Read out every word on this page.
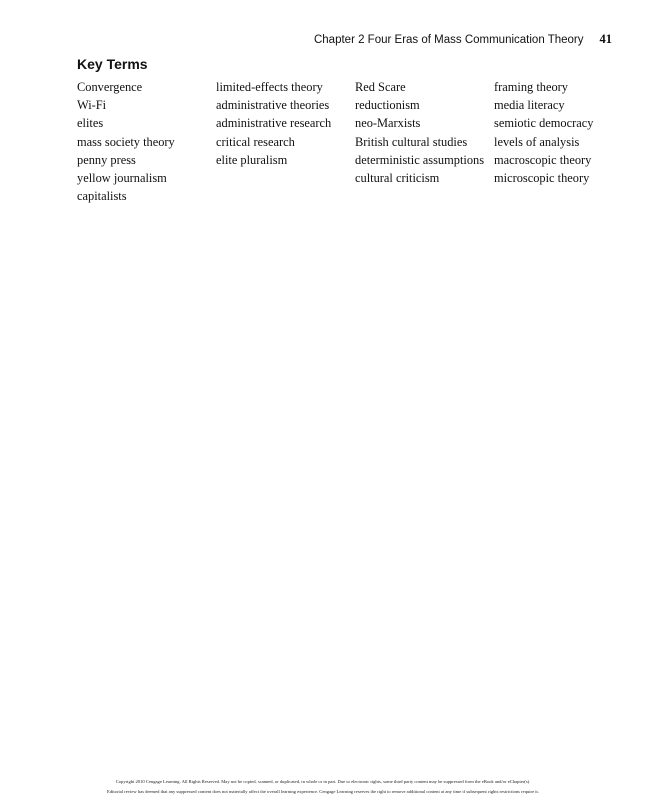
Chapter 2 Four Eras of Mass Communication Theory 41
Key Terms
Convergence
Wi-Fi
elites
mass society theory
penny press
yellow journalism
capitalists
limited-effects theory
administrative theories
administrative research
critical research
elite pluralism
Red Scare
reductionism
neo-Marxists
British cultural studies
deterministic assumptions
cultural criticism
framing theory
media literacy
semiotic democracy
levels of analysis
macroscopic theory
microscopic theory
Copyright 2010 Cengage Learning. All Rights Reserved. May not be copied, scanned, or duplicated, in whole or in part. Due to electronic rights, some third party content may be suppressed from the eBook and/or eChapter(s).
Editorial review has deemed that any suppressed content does not materially affect the overall learning experience. Cengage Learning reserves the right to remove additional content at any time if subsequent rights restrictions require it.
